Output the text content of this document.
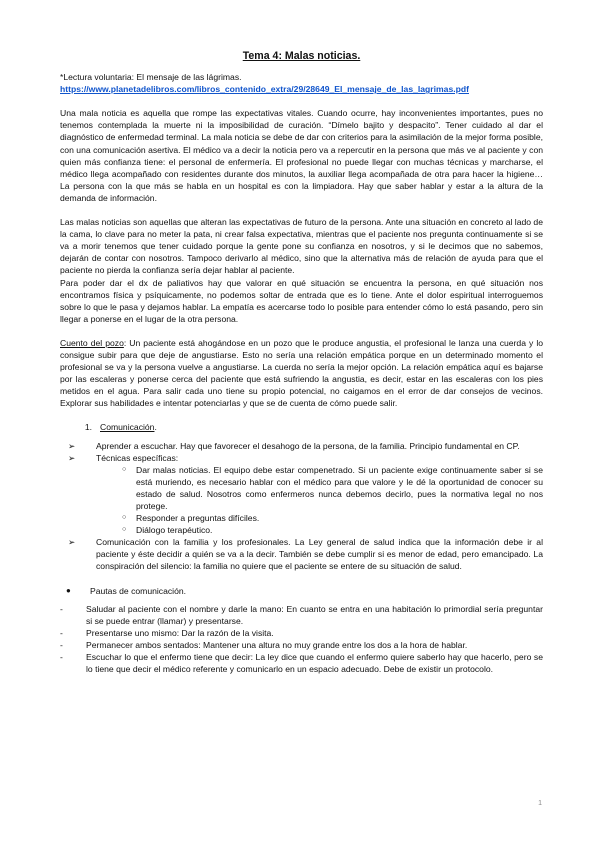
Tema 4: Malas noticias.
*Lectura voluntaria: El mensaje de las lágrimas.
https://www.planetadelibros.com/libros_contenido_extra/29/28649_El_mensaje_de_las_lagrimas.pdf
Una mala noticia es aquella que rompe las expectativas vitales. Cuando ocurre, hay inconvenientes importantes, pues no tenemos contemplada la muerte ni la imposibilidad de curación. “Dímelo bajito y despacito”. Tener cuidado al dar el diagnóstico de enfermedad terminal. La mala noticia se debe de dar con criterios para la asimilación de la mejor forma posible, con una comunicación asertiva. El médico va a decir la noticia pero va a repercutir en la persona que más ve al paciente y con quien más confianza tiene: el personal de enfermería. El profesional no puede llegar con muchas técnicas y marcharse, el médico llega acompañado con residentes durante dos minutos, la auxiliar llega acompañada de otra para hacer la higiene… La persona con la que más se habla en un hospital es con la limpiadora. Hay que saber hablar y estar a la altura de la demanda de información.
Las malas noticias son aquellas que alteran las expectativas de futuro de la persona. Ante una situación en concreto al lado de la cama, lo clave para no meter la pata, ni crear falsa expectativa, mientras que el paciente nos pregunta continuamente si se va a morir tenemos que tener cuidado porque la gente pone su confianza en nosotros, y si le decimos que no sabemos, dejarán de contar con nosotros. Tampoco derivarlo al médico, sino que la alternativa más de relación de ayuda para que el paciente no pierda la confianza sería dejar hablar al paciente.
Para poder dar el dx de paliativos hay que valorar en qué situación se encuentra la persona, en qué situación nos encontramos física y psíquicamente, no podemos soltar de entrada que es lo tiene. Ante el dolor espiritual interroguemos sobre lo que le pasa y dejamos hablar. La empatía es acercarse todo lo posible para entender cómo lo está pasando, pero sin llegar a ponerse en el lugar de la otra persona.
Cuento del pozo: Un paciente está ahogándose en un pozo que le produce angustia, el profesional le lanza una cuerda y lo consigue subir para que deje de angustiarse. Esto no sería una relación empática porque en un determinado momento el profesional se va y la persona vuelve a angustiarse. La cuerda no sería la mejor opción. La relación empática aquí es bajarse por las escaleras y ponerse cerca del paciente que está sufriendo la angustia, es decir, estar en las escaleras con los pies metidos en el agua. Para salir cada uno tiene su propio potencial, no caigamos en el error de dar consejos de vecinos. Explorar sus habilidades e intentar potenciarlas y que se de cuenta de cómo puede salir.
1. Comunicación.
➢	Aprender a escuchar. Hay que favorecer el desahogo de la persona, de la familia. Principio fundamental en CP.
➢	Técnicas específicas:
○	Dar malas noticias. El equipo debe estar compenetrado. Si un paciente exige continuamente saber si se está muriendo, es necesario hablar con el médico para que valore y le dé la oportunidad de conocer su estado de salud. Nosotros como enfermeros nunca debemos decirlo, pues la normativa legal no nos protege.
○	Responder a preguntas difíciles.
○	Diálogo terapéutico.
➢	Comunicación con la familia y los profesionales. La Ley general de salud indica que la información debe ir al paciente y éste decidir a quién se va a la decir. También se debe cumplir si es menor de edad, pero emancipado. La conspiración del silencio: la familia no quiere que el paciente se entere de su situación de salud.
●	Pautas de comunicación.
-	Saludar al paciente con el nombre y darle la mano: En cuanto se entra en una habitación lo primordial sería preguntar si se puede entrar (llamar) y presentarse.
-	Presentarse uno mismo: Dar la razón de la visita.
-	Permanecer ambos sentados: Mantener una altura no muy grande entre los dos a la hora de hablar.
-	Escuchar lo que el enfermo tiene que decir: La ley dice que cuando el enfermo quiere saberlo hay que hacerlo, pero se lo tiene que decir el médico referente y comunicarlo en un espacio adecuado. Debe de existir un protocolo.
1
